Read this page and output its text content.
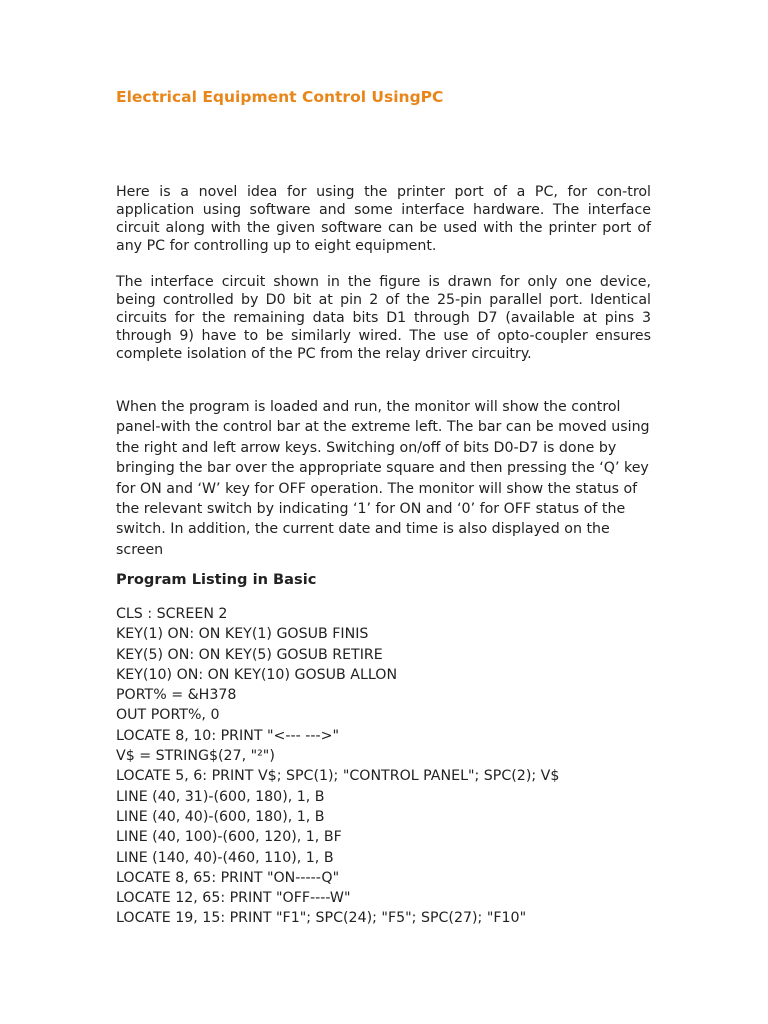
Electrical Equipment Control UsingPC

Here is a novel idea for using the printer port of a PC, for con-trol application using software and some interface hardware. The interface circuit along with the given software can be used with the printer port of any PC for controlling up to eight equipment.

The interface circuit shown in the figure is drawn for only one device, being controlled by D0 bit at pin 2 of the 25-pin parallel port. Identical circuits for the remaining data bits D1 through D7 (available at pins 3 through 9) have to be similarly wired. The use of opto-coupler ensures complete isolation of the PC from the relay driver circuitry.

When the program is loaded and run, the monitor will show the control panel-with the control bar at the extreme left. The bar can be moved using the right and left arrow keys. Switching on/off of bits D0-D7 is done by bringing the bar over the appropriate square and then pressing the ‘Q’ key for ON and ‘W’ key for OFF operation. The monitor will show the status of the relevant switch by indicating ‘1’ for ON and ‘0’ for OFF status of the switch. In addition, the current date and time is also displayed on the screen

Program Listing in Basic
CLS : SCREEN 2
KEY(1) ON: ON KEY(1) GOSUB FINIS
KEY(5) ON: ON KEY(5) GOSUB RETIRE
KEY(10) ON: ON KEY(10) GOSUB ALLON
PORT% = &H378
OUT PORT%, 0
LOCATE 8, 10: PRINT "<--- --->"
V$ = STRING$(27, "²")
LOCATE 5, 6: PRINT V$; SPC(1); "CONTROL PANEL"; SPC(2); V$
LINE (40, 31)-(600, 180), 1, B
LINE (40, 40)-(600, 180), 1, B
LINE (40, 100)-(600, 120), 1, BF
LINE (140, 40)-(460, 110), 1, B
LOCATE 8, 65: PRINT "ON-----Q"
LOCATE 12, 65: PRINT "OFF----W"
LOCATE 19, 15: PRINT "F1"; SPC(24); "F5"; SPC(27); "F10"
